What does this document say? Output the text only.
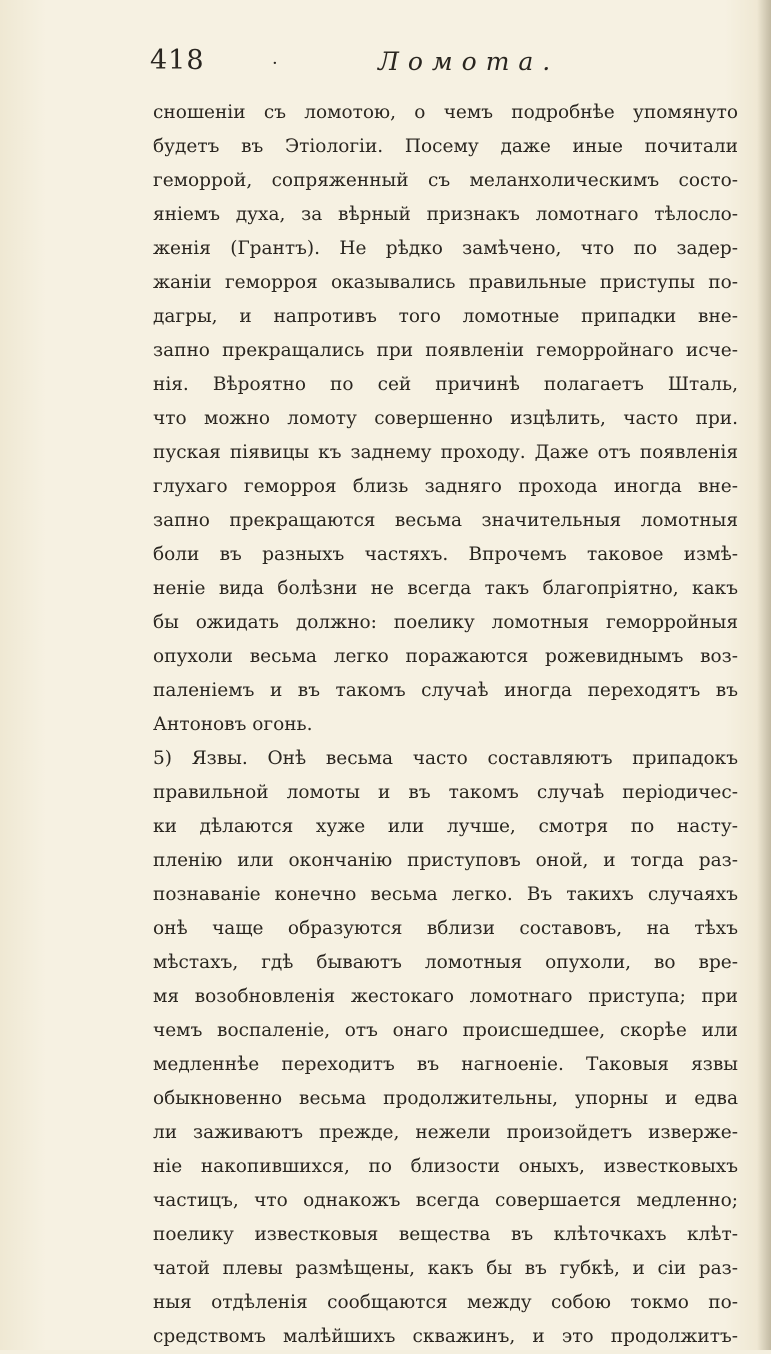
418	·	Ломота.
сношеніи съ ломотою, о чемъ подробнѣе упомянуто
будетъ въ Этіологіи. Посему даже иные почитали
геморрой, сопряженный съ меланхолическимъ состо-
яніемъ духа, за вѣрный признакъ ломотнаго тѣлосло-
женія (Грантъ). Не рѣдко замѣчено, что по задер-
жаніи геморроя оказывались правильные приступы по-
дагры, и напротивъ того ломотные припадки вне-
запно прекращались при появленіи геморройнаго исче-
нія. Вѣроятно по сей причинѣ полагаетъ Шталь,
что можно ломоту совершенно изцѣлить, часто при.
пуская піявицы къ заднему проходу. Даже отъ появленія
глухаго геморроя близь задняго прохода иногда вне-
запно прекращаются весьма значительныя ломотныя
боли въ разныхъ частяхъ. Впрочемъ таковое измѣ-
неніе вида болѣзни не всегда такъ благопріятно, какъ
бы ожидать должно: поелику ломотныя геморройныя
опухоли весьма легко поражаются рожевиднымъ воз-
паленіемъ и въ такомъ случаѣ иногда переходятъ въ
Антоновъ огонь.
5) Язвы. Онѣ весьма часто составляютъ припадокъ
правильной ломоты и въ такомъ случаѣ періодичес-
ки дѣлаются хуже или лучше, смотря по насту-
пленію или окончанію приступовъ оной, и тогда раз-
познаваніе конечно весьма легко. Въ такихъ случаяхъ
онѣ чаще образуются вблизи составовъ, на тѣхъ
мѣстахъ, гдѣ бываютъ ломотныя опухоли, во вре-
мя возобновленія жестокаго ломотнаго приступа; при
чемъ воспаленіе, отъ онаго происшедшее, скорѣе или
медленнѣе переходитъ въ нагноеніе. Таковыя язвы
обыкновенно весьма продолжительны, упорны и едва
ли заживаютъ прежде, нежели произойдетъ изверже-
ніе накопившихся, по близости оныхъ, известковыхъ
частицъ, что однакожъ всегда совершается медленно;
поелику известковыя вещества въ клѣточкахъ клѣт-
чатой плевы размѣщены, какъ бы въ губкѣ, и сіи раз-
ныя отдѣленія сообщаются между собою токмо по-
средствомъ малѣйшихъ скважинъ, и это продолжитъ-
